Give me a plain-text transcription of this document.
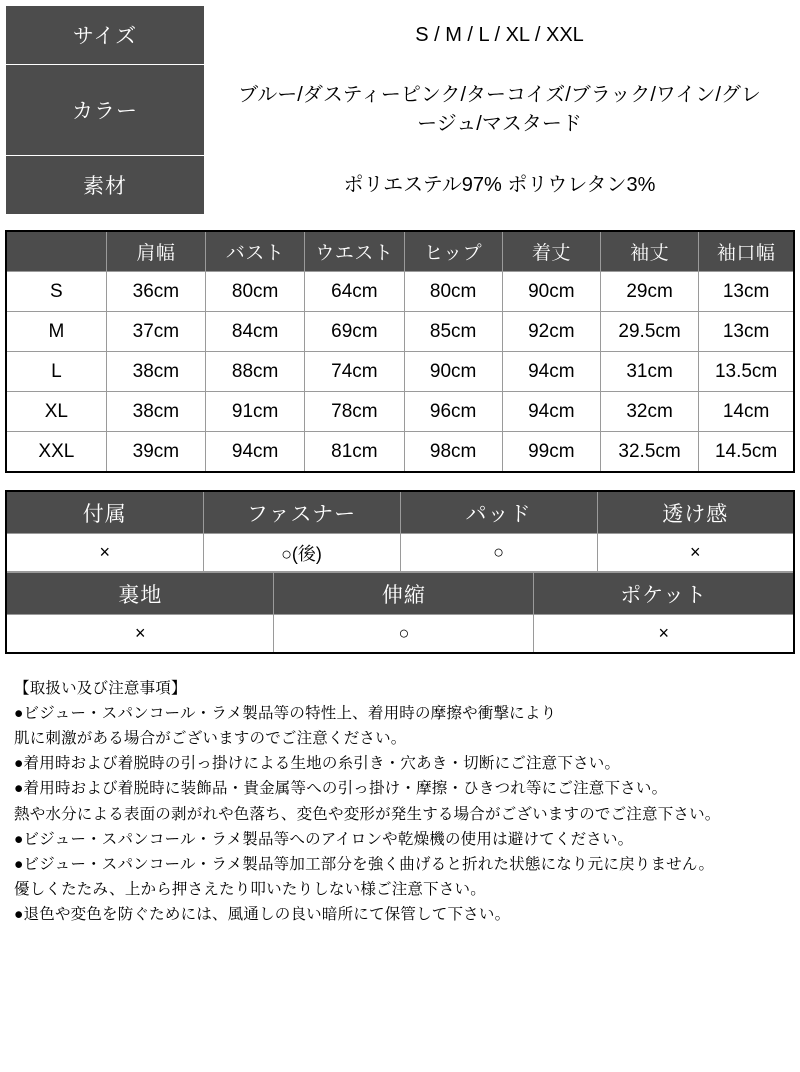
サイズ	S / M / L / XL / XXL
カラー	ブルー/ダスティーピンク/ターコイズ/ブラック/ワイン/グレージュ/マスタード
素材	ポリエステル97% ポリウレタン3%
	肩幅	バスト	ウエスト	ヒップ	着丈	袖丈	袖口幅
S	36cm	80cm	64cm	80cm	90cm	29cm	13cm
M	37cm	84cm	69cm	85cm	92cm	29.5cm	13cm
L	38cm	88cm	74cm	90cm	94cm	31cm	13.5cm
XL	38cm	91cm	78cm	96cm	94cm	32cm	14cm
XXL	39cm	94cm	81cm	98cm	99cm	32.5cm	14.5cm
付属	ファスナー	パッド	透け感
×	○(後)	○	×
裏地	伸縮	ポケット
×	○	×
【取扱い及び注意事項】
●ビジュー・スパンコール・ラメ製品等の特性上、着用時の摩擦や衝撃により
肌に刺激がある場合がございますのでご注意ください。
●着用時および着脱時の引っ掛けによる生地の糸引き・穴あき・切断にご注意下さい。
●着用時および着脱時に装飾品・貴金属等への引っ掛け・摩擦・ひきつれ等にご注意下さい。
熱や水分による表面の剥がれや色落ち、変色や変形が発生する場合がございますのでご注意下さい。
●ビジュー・スパンコール・ラメ製品等へのアイロンや乾燥機の使用は避けてください。
●ビジュー・スパンコール・ラメ製品等加工部分を強く曲げると折れた状態になり元に戻りません。
優しくたたみ、上から押さえたり叩いたりしない様ご注意下さい。
●退色や変色を防ぐためには、風通しの良い暗所にて保管して下さい。
